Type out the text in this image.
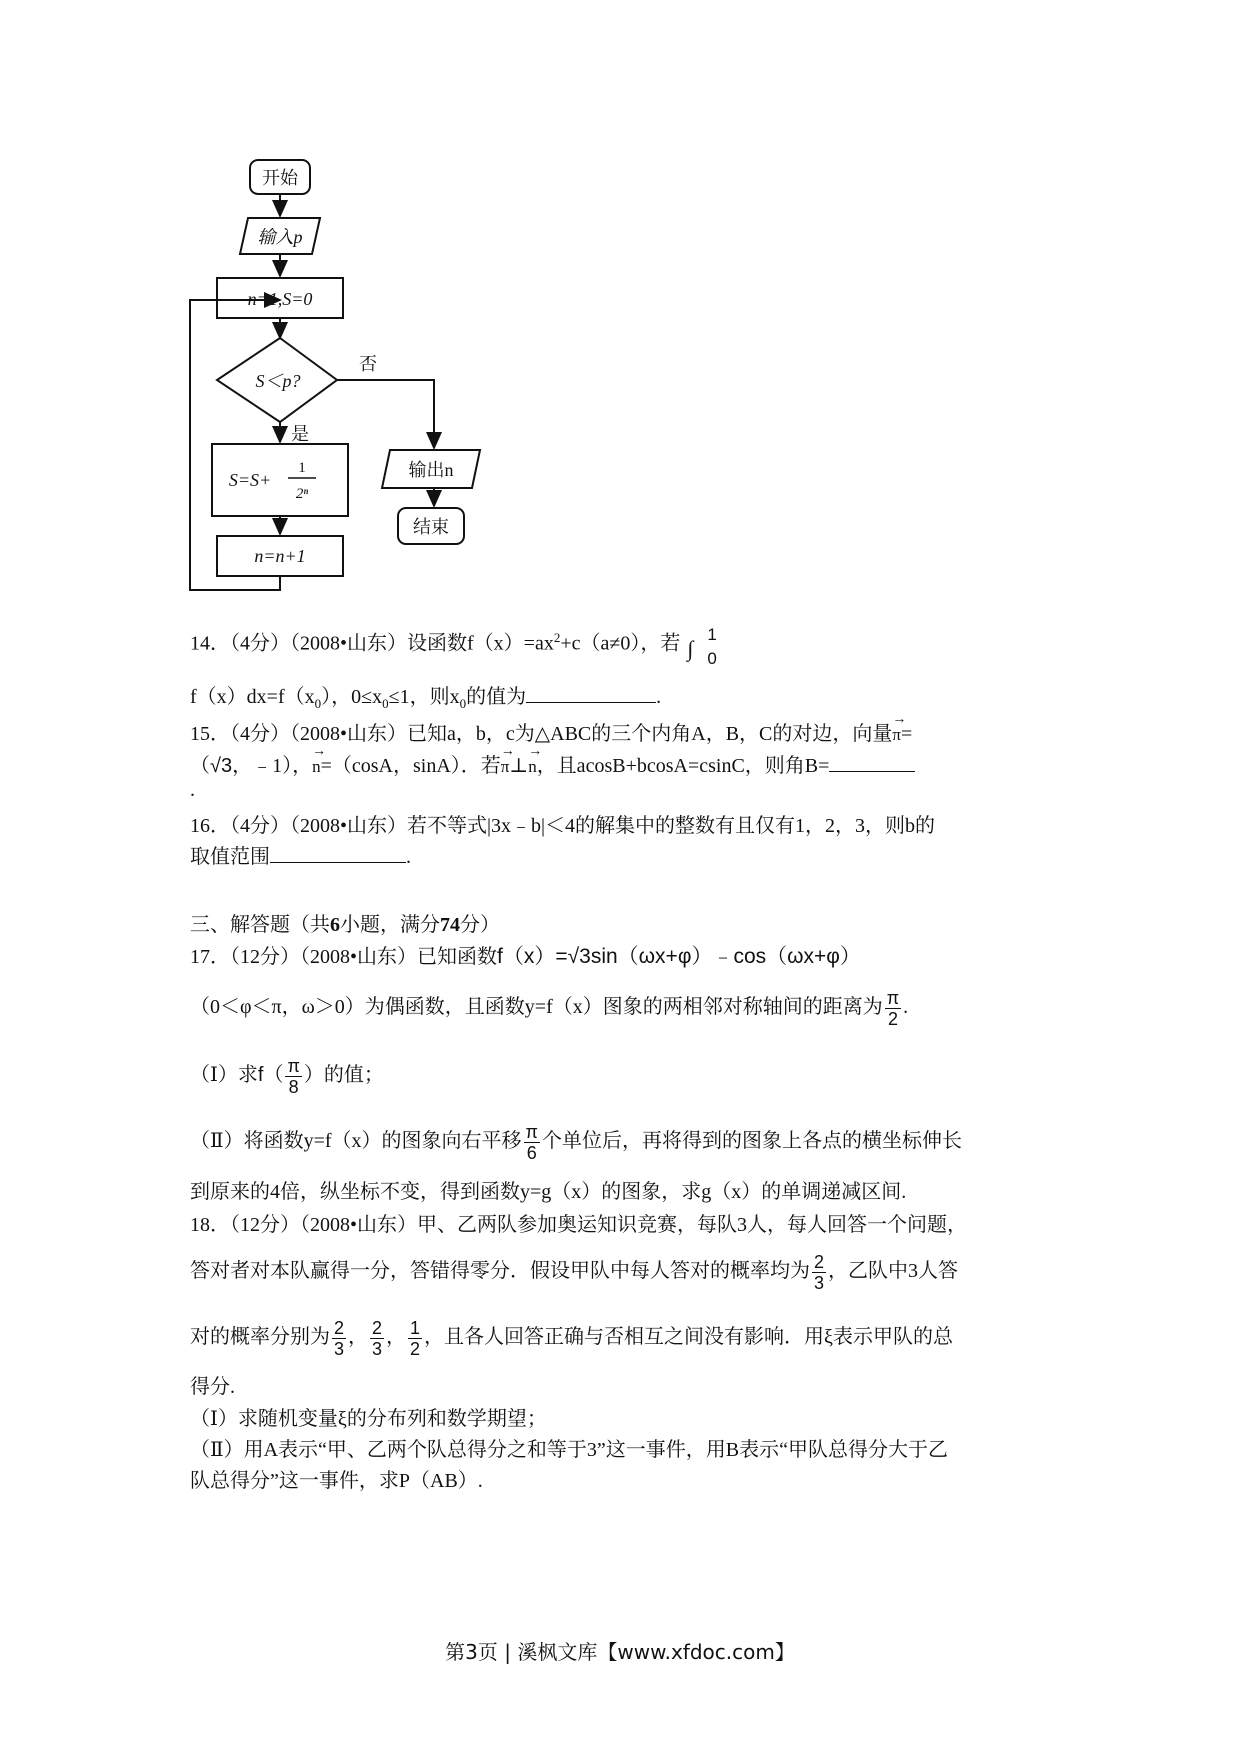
开始
输入p
n=1,S=0
S＜p?
否
是
S=S+
1
2ⁿ
n=n+1
输出n
结束
14．（4分）（2008•山东）设函数$f(x)=ax^2+c(a\ne 0)$，若 ∫
1
0
$f(x)dx=f(x_0)$，$0\le x_0\le 1$，则$x_0$的值为	.
15．（4分）（2008•山东）已知a，b，c为△ABC的三个内角A，B，C的对边，向量→ π=
（√3，﹣1），→ n=（cosA，sinA）．若→ π⊥→ n，且acosB+bcosA=csinC，则角B=
.
16．（4分）（2008•山东）若不等式|3x﹣b|＜4的解集中的整数有且仅有1，2，3，则b的
取值范围	.
三、解答题（共6小题，满分74分）
17．（12分）（2008•山东）已知函数f（x）=√3sin（ωx+φ）﹣cos（ωx+φ）
（0＜φ＜π，ω＞0）为偶函数，且函数y=f（x）图象的两相邻对称轴间的距离为 $\frac{\pi}{2}$ .
（Ⅰ）求$f( \frac{\pi}{8}$ ）的值；
（Ⅱ）将函数y=f（x）的图象向右平移 $\frac{\pi}{6}$ 个单位后，再将得到的图象上各点的横坐标伸长
到原来的4倍，纵坐标不变，得到函数y=g（x）的图象，求g（x）的单调递减区间.
18．（12分）（2008•山东）甲、乙两队参加奥运知识竞赛，每队3人，每人回答一个问题，
答对者对本队赢得一分，答错得零分．假设甲队中每人答对的概率均为 $\frac{2}{3}$ ，乙队中3人答
对的概率分别为 $\frac{2}{3}$ ， $\frac{2}{3}$ ， $\frac{1}{2}$ ，且各人回答正确与否相互之间没有影响．用ξ表示甲队的总
得分.
（Ⅰ）求随机变量ξ的分布列和数学期望；
（Ⅱ）用A表示“甲、乙两个队总得分之和等于3”这一事件，用B表示“甲队总得分大于乙
队总得分”这一事件，求P（AB）.
第3页 | 溪枫文库【www.xfdoc.com】
